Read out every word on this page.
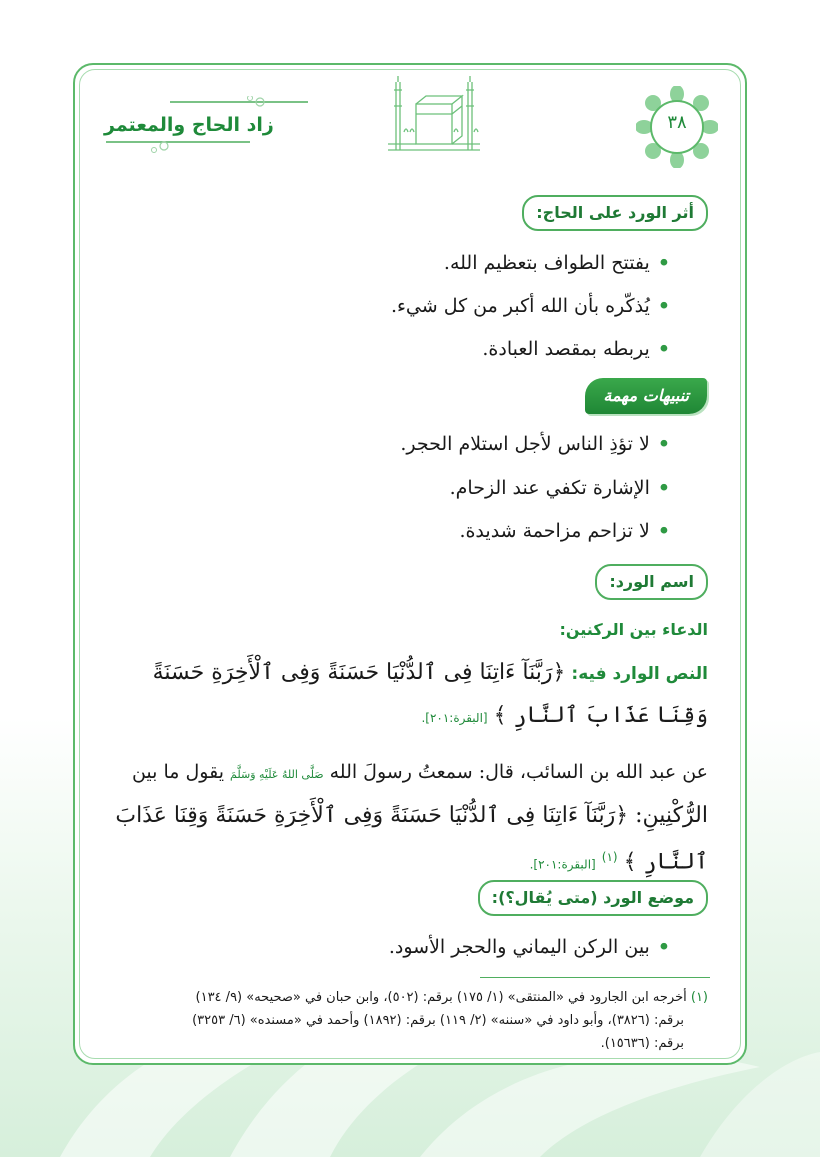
زاد الحاج والمعتمر	٣٨
أثر الورد على الحاج:
•يفتتح الطواف بتعظيم الله.
•يُذكّره بأن الله أكبر من كل شيء.
•يربطه بمقصد العبادة.
تنبيهات مهمة
•لا تؤذِ الناس لأجل استلام الحجر.
•الإشارة تكفي عند الزحام.
•لا تزاحم مزاحمة شديدة.
اسم الورد:
الدعاء بين الركنين:
النص الوارد فيه: ﴿رَبَّنَآ ءَاتِنَا فِى ٱلدُّنْيَا حَسَنَةً وَفِى ٱلْأَخِرَةِ حَسَنَةً
وَقِنَا عَذَابَ ٱلنَّارِ ﴾ [البقرة:٢٠١].
عن عبد الله بن السائب، قال: سمعتُ رسولَ الله صَلَّى اللهُ عَلَيْهِ وَسَلَّمَ يقول ما بين
الرُّكْنِينِ: ﴿رَبَّنَآ ءَاتِنَا فِى ٱلدُّنْيَا حَسَنَةً وَفِى ٱلْأَخِرَةِ حَسَنَةً وَقِنَا عَذَابَ
ٱلنَّارِ ﴾ $^{(١)}$ [البقرة:٢٠١].
موضع الورد (متى يُقال؟):
•بين الركن اليماني والحجر الأسود.
(١) أخرجه ابن الجارود في «المنتقى» (١/ ١٧٥) برقم: (٥٠٢)، وابن حبان في «صحيحه» (٩/ ١٣٤)
برقم: (٣٨٢٦)، وأبو داود في «سننه» (٢/ ١١٩) برقم: (١٨٩٢) وأحمد في «مسنده» (٦/ ٣٢٥٣)
برقم: (١٥٦٣٦).
